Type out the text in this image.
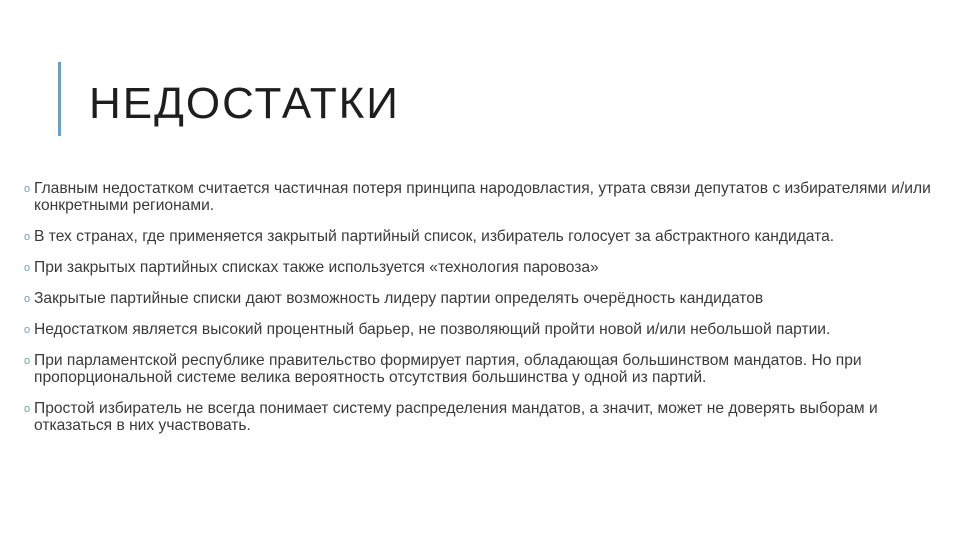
НЕДОСТАТКИ
o Главным недостатком считается частичная потеря принципа народовластия, утрата связи депутатов с избирателями и/или конкретными регионами.
o В тех странах, где применяется закрытый партийный список, избиратель голосует за абстрактного кандидата.
o При закрытых партийных списках также используется «технология паровоза»
o Закрытые партийные списки дают возможность лидеру партии определять очерёдность кандидатов
o Недостатком является высокий процентный барьер, не позволяющий пройти новой и/или небольшой партии.
o При парламентской республике правительство формирует партия, обладающая большинством мандатов. Но при пропорциональной системе велика вероятность отсутствия большинства у одной из партий.
o Простой избиратель не всегда понимает систему распределения мандатов, а значит, может не доверять выборам и отказаться в них участвовать.
